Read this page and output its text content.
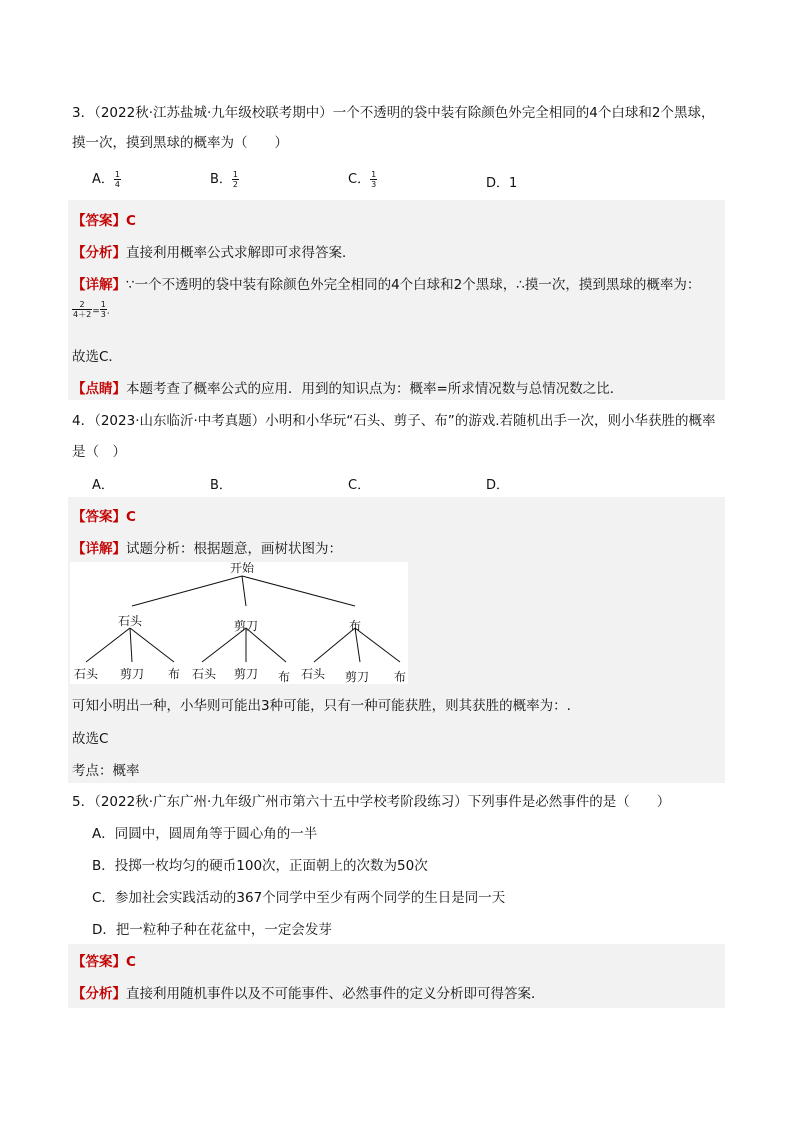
3．（2022秋·江苏盐城·九年级校联考期中）一个不透明的袋中装有除颜色外完全相同的4个白球和2个黑球，
摸一次，摸到黑球的概率为（　　）
A． $\frac{1}{4}$	B． $\frac{1}{2}$	C． $\frac{1}{3}$	D．1
【答案】C
【分析】直接利用概率公式求解即可求得答案．
【详解】∵一个不透明的袋中装有除颜色外完全相同的4个白球和2个黑球，∴摸一次，摸到黑球的概率为：
$\frac{2}{4+2} = \frac{1}{3}$ ．
故选C．
【点睛】本题考查了概率公式的应用．用到的知识点为：概率=所求情况数与总情况数之比．
4．（2023·山东临沂·中考真题）小明和小华玩“石头、剪子、布”的游戏.若随机出手一次，则小华获胜的概率
是（　）
A．	B．	C．	D．
【答案】C
【详解】试题分析：根据题意，画树状图为：
开始
石头	剪刀	布
石头 剪刀 布 石头 剪刀 布 石头 剪刀 布
可知小明出一种，小华则可能出3种可能，只有一种可能获胜，则其获胜的概率为：.
故选C
考点：概率
5．（2022秋·广东广州·九年级广州市第六十五中学校考阶段练习）下列事件是必然事件的是（　　）
A．同圆中，圆周角等于圆心角的一半
B．投掷一枚均匀的硬币100次，正面朝上的次数为50次
C．参加社会实践活动的367个同学中至少有两个同学的生日是同一天
D．把一粒种子种在花盆中，一定会发芽
【答案】C
【分析】直接利用随机事件以及不可能事件、必然事件的定义分析即可得答案．
